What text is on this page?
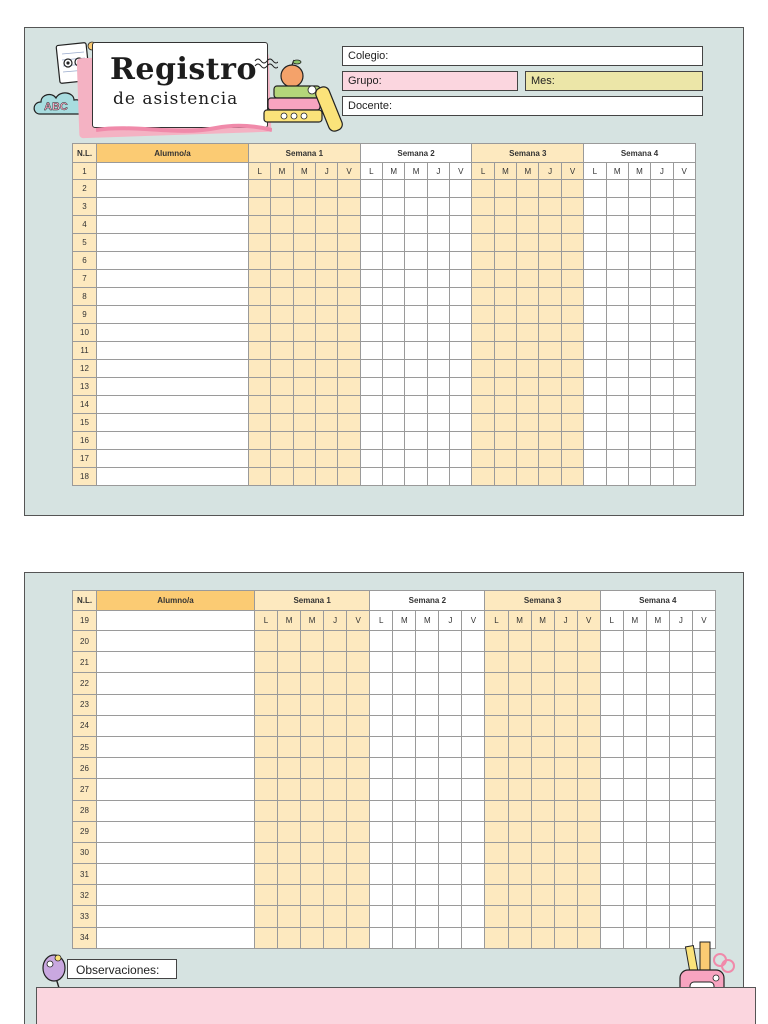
ABC
Registro
de asistencia
Colegio:
Grupo:	Mes:
Docente:
N.L.	Alumno/a	Semana 1					Semana 2					Semana 3					Semana 4				
1		L	M	M	J	V	L	M	M	J	V	L	M	M	J	V	L	M	M	J	V
2																					
3																					
4																					
5																					
6																					
7																					
8																					
9																					
10																					
11																					
12																					
13																					
14																					
15																					
16																					
17																					
18																					
N.L.	Alumno/a	Semana 1					Semana 2					Semana 3					Semana 4				
19		L	M	M	J	V	L	M	M	J	V	L	M	M	J	V	L	M	M	J	V
20																					
21																					
22																					
23																					
24																					
25																					
26																					
27																					
28																					
29																					
30																					
31																					
32																					
33																					
34																					
Observaciones:
